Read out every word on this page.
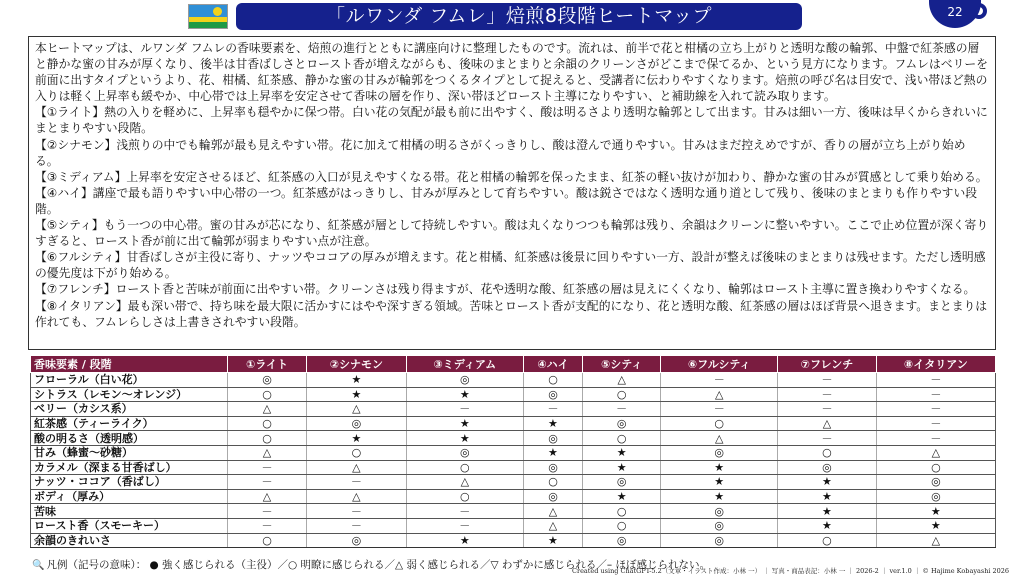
「ルワンダ フムレ」焙煎8段階ヒートマップ	22

本ヒートマップは、ルワンダ フムレの香味要素を、焙煎の進行とともに講座向けに整理したものです。流れは、前半で花と柑橘の立ち上がりと透明な酸の輪郭、中盤で紅茶感の層と静かな蜜の甘みが厚くなり、後半は甘香ばしさとロースト香が増えながらも、後味のまとまりと余韻のクリーンさがどこまで保てるか、という見方になります。フムレはベリーを前面に出すタイプというより、花、柑橘、紅茶感、静かな蜜の甘みが輪郭をつくるタイプとして捉えると、受講者に伝わりやすくなります。焙煎の呼び名は目安で、浅い帯ほど熱の入りは軽く上昇率も緩やか、中心帯では上昇率を安定させて香味の層を作り、深い帯ほどロースト主導になりやすい、と補助線を入れて読み取ります。

【①ライト】熱の入りを軽めに、上昇率も穏やかに保つ帯。白い花の気配が最も前に出やすく、酸は明るさより透明な輪郭として出ます。甘みは細い一方、後味は早くからきれいにまとまりやすい段階。

【②シナモン】浅煎りの中でも輪郭が最も見えやすい帯。花に加えて柑橘の明るさがくっきりし、酸は澄んで通りやすい。甘みはまだ控えめですが、香りの層が立ち上がり始める。

【③ミディアム】上昇率を安定させるほど、紅茶感の入口が見えやすくなる帯。花と柑橘の輪郭を保ったまま、紅茶の軽い抜けが加わり、静かな蜜の甘みが質感として乗り始める。

【④ハイ】講座で最も語りやすい中心帯の一つ。紅茶感がはっきりし、甘みが厚みとして育ちやすい。酸は鋭さではなく透明な通り道として残り、後味のまとまりも作りやすい段階。

【⑤シティ】もう一つの中心帯。蜜の甘みが芯になり、紅茶感が層として持続しやすい。酸は丸くなりつつも輪郭は残り、余韻はクリーンに整いやすい。ここで止め位置が深く寄りすぎると、ロースト香が前に出て輪郭が弱まりやすい点が注意。

【⑥フルシティ】甘香ばしさが主役に寄り、ナッツやココアの厚みが増えます。花と柑橘、紅茶感は後景に回りやすい一方、設計が整えば後味のまとまりは残せます。ただし透明感の優先度は下がり始める。

【⑦フレンチ】ロースト香と苦味が前面に出やすい帯。クリーンさは残り得ますが、花や透明な酸、紅茶感の層は見えにくくなり、輪郭はロースト主導に置き換わりやすくなる。

【⑧イタリアン】最も深い帯で、持ち味を最大限に活かすにはやや深すぎる領域。苦味とロースト香が支配的になり、花と透明な酸、紅茶感の層はほぼ背景へ退きます。まとまりは作れても、フムレらしさは上書きされやすい段階。

香味要素 / 段階	①ライト	②シナモン	③ミディアム	④ハイ	⑤シティ	⑥フルシティ	⑦フレンチ	⑧イタリアン
フローラル（白い花）	◎	★	◎	○	△	－	－	－
シトラス（レモン〜オレンジ）	○	★	★	◎	○	△	－	－
ベリー（カシス系）	△	△	－	－	－	－	－	－
紅茶感（ティーライク）	○	◎	★	★	◎	○	△	－
酸の明るさ（透明感）	○	★	★	◎	○	△	－	－
甘み（蜂蜜〜砂糖）	△	○	◎	★	★	◎	○	△
カラメル（深まる甘香ばし）	－	△	○	◎	★	★	◎	○
ナッツ・ココア（香ばし）	－	－	△	○	◎	★	★	◎
ボディ（厚み）	△	△	○	◎	★	★	★	◎
苦味	－	－	－	△	○	◎	★	★
ロースト香（スモーキー）	－	－	－	△	○	◎	★	★
余韻のきれいさ	○	◎	★	★	◎	◎	○	△
🔍 凡例（記号の意味）： ● 強く感じられる（主役）／○ 明瞭に感じられる／△ 弱く感じられる／▽ わずかに感じられる／– ほぼ感じられない。
Created using ChatGPT-5.2（文章・イラスト作成：小林 一） ｜ 写真・商品表記：小林 一 ｜ 2026-2 ｜ ver.1.0 ｜ © Hajime Kobayashi 2026
